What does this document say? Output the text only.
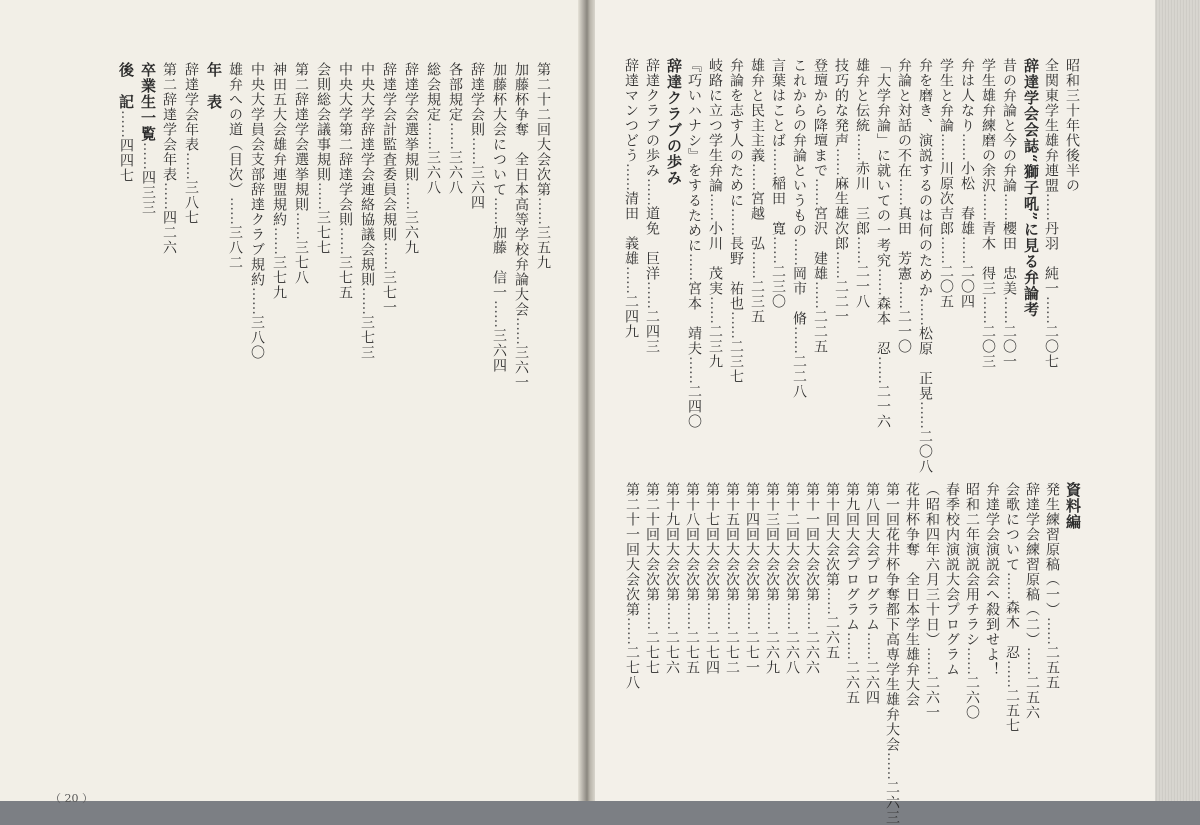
第二十二回大会次第……三五九
加藤杯争奪　全日本高等学校弁論大会……三六一
加藤杯大会について……加藤　信一……三六四
辞達学会則……三六四
各部規定……三六八
総会規定……三六八
辞達学会選挙規則……三六九
辞達学会計監査委員会規則……三七一
中央大学辞達学会連絡協議会規則……三七三
中央大学第二辞達学会則……三七五
会則総会議事規則……三七七
第二辞達学会選挙規則……三七八
神田五大会雄弁連盟規約……三七九
中央大学員会支部辞達クラブ規約……三八〇
雄弁への道（目次）……三八二
年　表
辞達学会年表……三八七
第二辞達学会年表……四二六
卒業生一覧……四三三
後　記……四四七	昭和三十年代後半の
全関東学生雄弁連盟……丹羽　純一……二〇七
辞達学会会誌“獅子吼”に見る弁論考
昔の弁論と今の弁論……櫻田　忠美……二〇一
学生雄弁練磨の余沢……青木　得三……二〇三
弁は人なり……小松　春雄……二〇四
学生と弁論……川原次吉郎……二〇五
弁を磨き、演説するのは何のためか……松原　正晃……二〇八
弁論と対話の不在……真田　芳憲……二一〇
「大学弁論」に就いての一考究……森本　忍……二一六
雄弁と伝統……赤川　三郎……二一八
技巧的な発声……麻生雄次郎……二二一
登壇から降壇まで……宮沢　建雄……二二五
これからの弁論というもの……岡市　脩……二二八
言葉はことば……稲田　寛……二三〇
雄弁と民主主義……宮越　弘……二三五
弁論を志す人のために……長野　祐也……二三七
岐路に立つ学生弁論……小川　茂実……二三九
『巧いハナシ』をするために……宮本　靖夫……二四〇
辞達クラブの歩み
辞達クラブの歩み……道免　巨洋……二四三
辞達マンつどう……清田　義雄……二四九
資料編
発生練習原稿（一）……二五五
辞達学会練習原稿（二）……二五六
会歌について……森木　忍……二五七
弁達学会演説会へ殺到せよ！
昭和二年演説会用チラシ……二六〇
春季校内演説大会プログラム
（昭和四年六月三十日）……二六一
花井杯争奪　全日本学生雄弁大会
第一回花井杯争奪都下高専学生雄弁大会……二六三
第八回大会プログラム……二六四
第九回大会プログラム……二六五
第十回大会次第……二六五
第十一回大会次第……二六六
第十二回大会次第……二六八
第十三回大会次第……二六九
第十四回大会次第……二七一
第十五回大会次第……二七二
第十七回大会次第……二七四
第十八回大会次第……二七五
第十九回大会次第……二七六
第二十回大会次第……二七七
第二十一回大会次第……二七八
（ 20 ）
